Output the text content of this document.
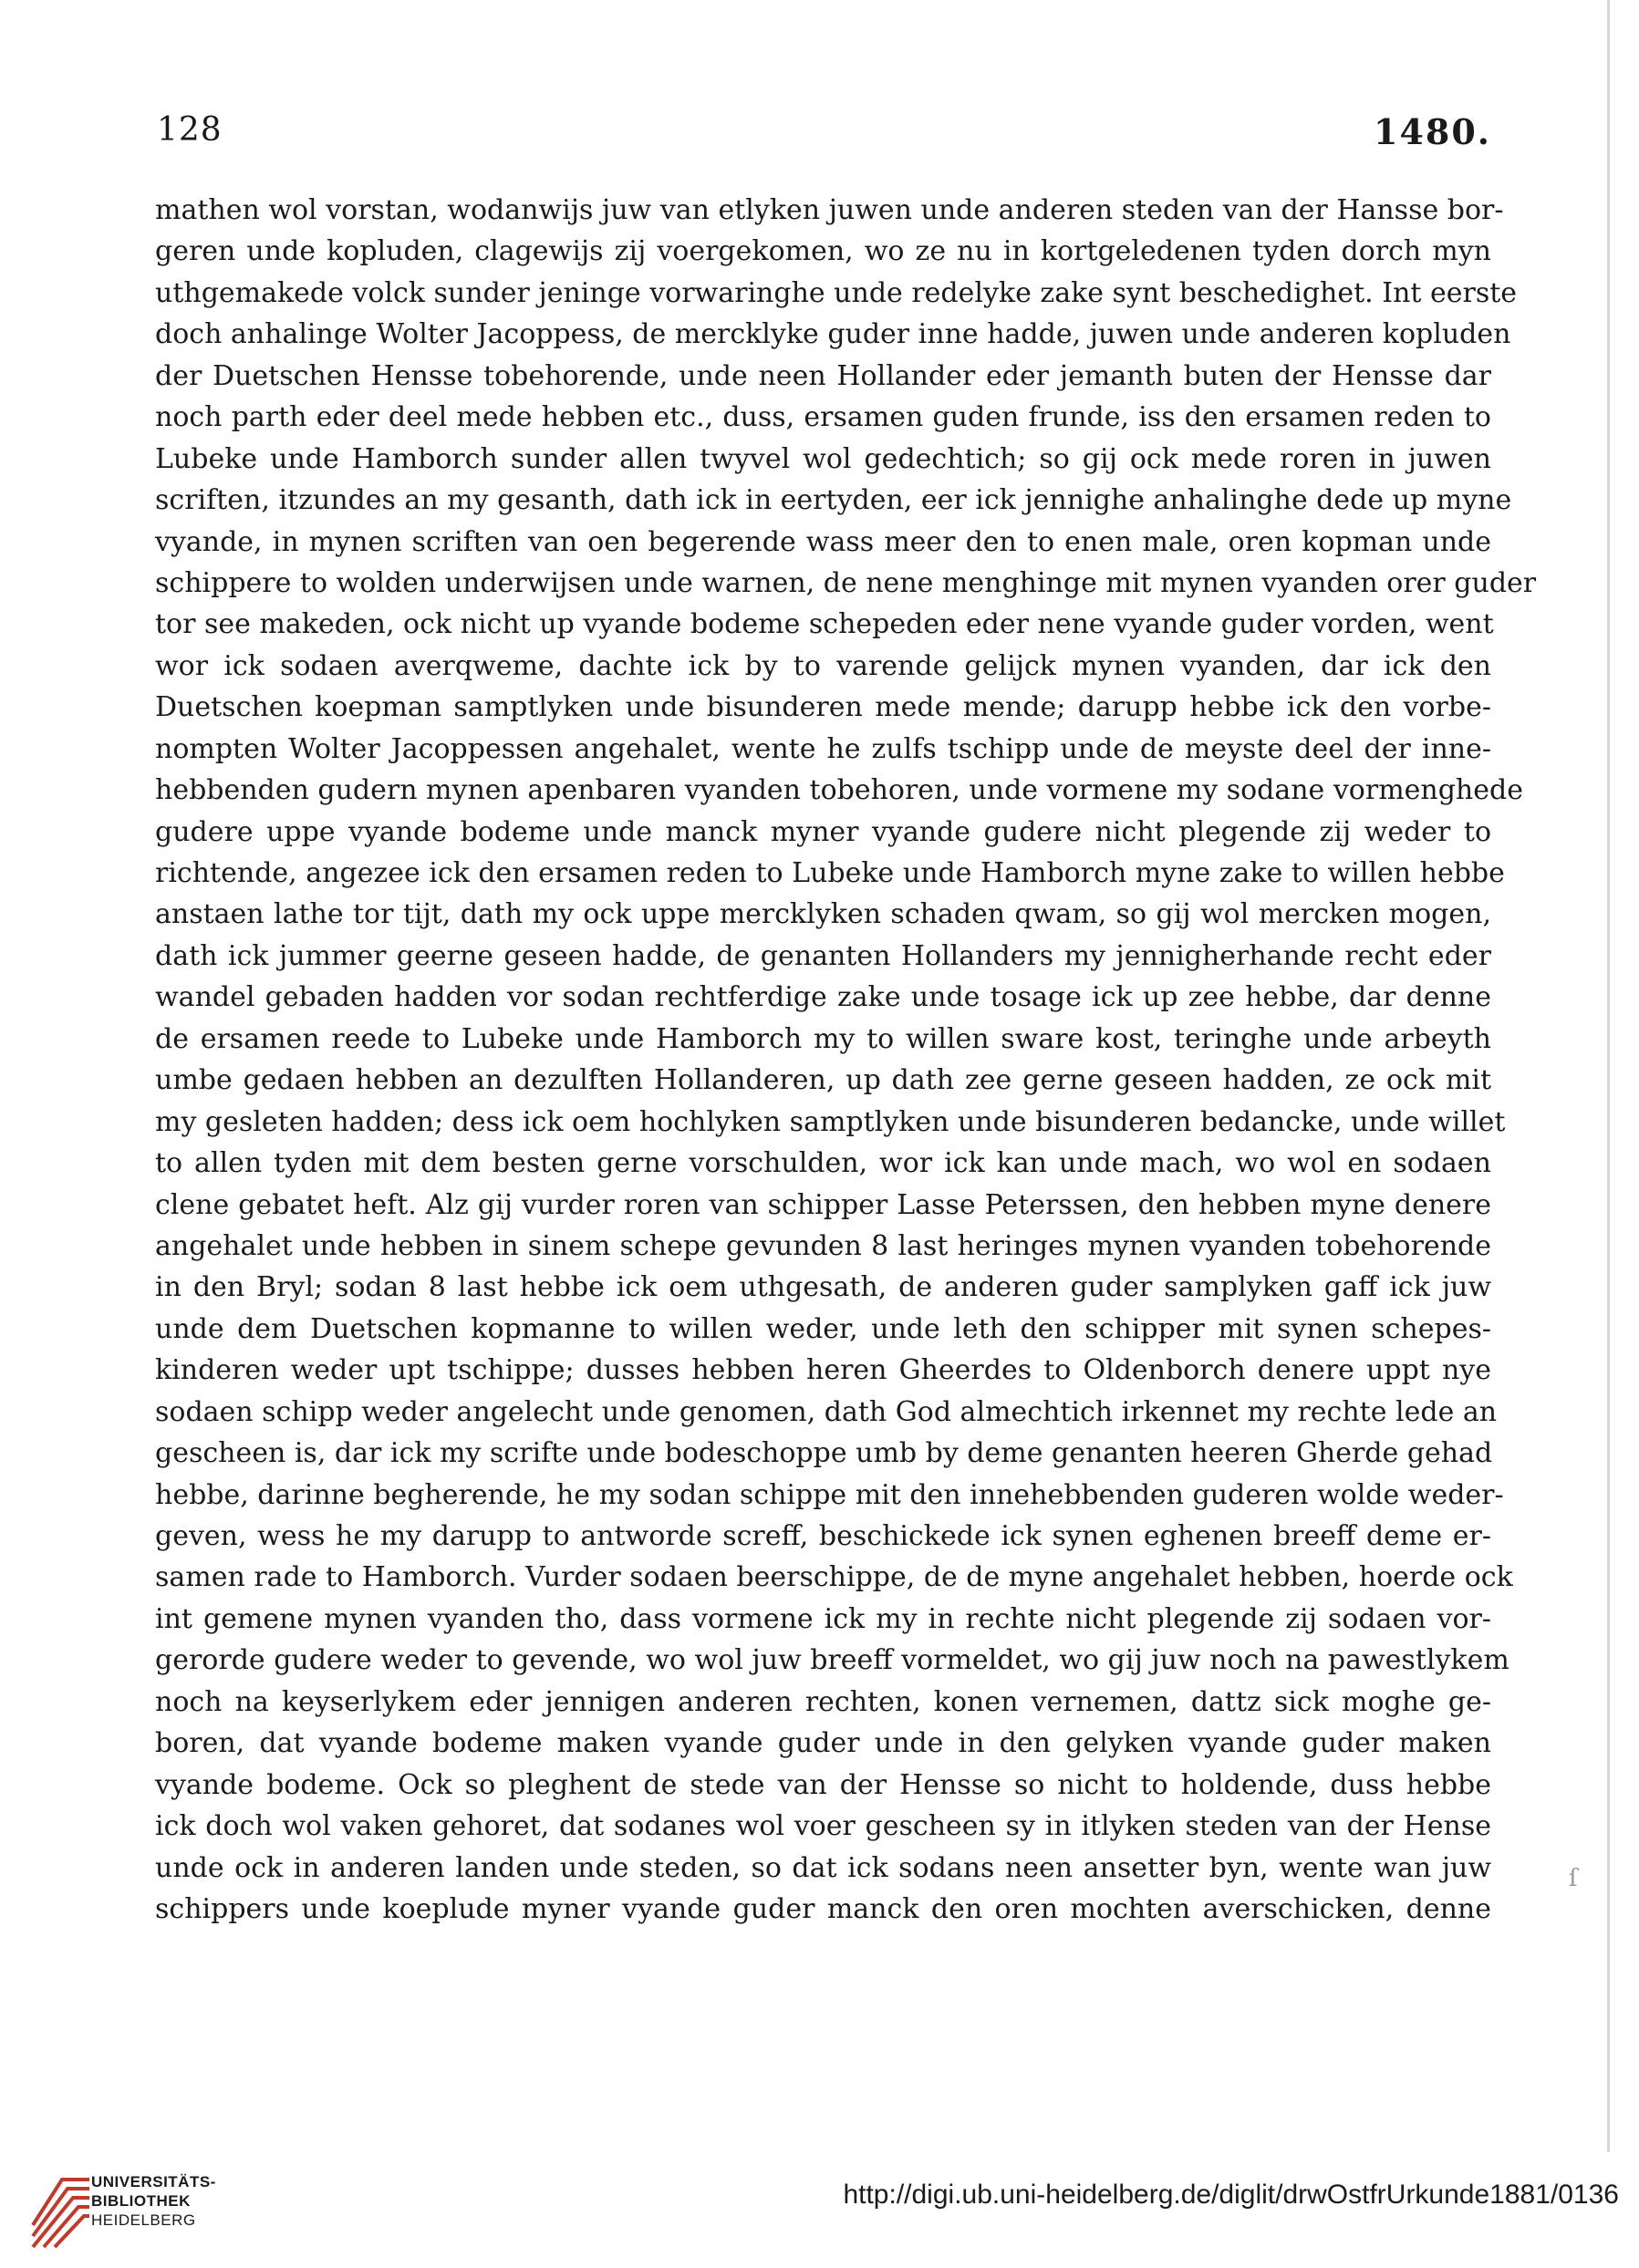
128	1480.
mathen wol vorstan, wodanwijs juw van etlyken juwen unde anderen steden van der Hansse bor-
geren unde kopluden, clagewijs zij voergekomen, wo ze nu in kortgeledenen tyden dorch myn
uthgemakede volck sunder jeninge vorwaringhe unde redelyke zake synt beschedighet. Int eerste
doch anhalinge Wolter Jacoppess, de mercklyke guder inne hadde, juwen unde anderen kopluden
der Duetschen Hensse tobehorende, unde neen Hollander eder jemanth buten der Hensse dar
noch parth eder deel mede hebben etc., duss, ersamen guden frunde, iss den ersamen reden to
Lubeke unde Hamborch sunder allen twyvel wol gedechtich; so gij ock mede roren in juwen
scriften, itzundes an my gesanth, dath ick in eertyden, eer ick jennighe anhalinghe dede up myne
vyande, in mynen scriften van oen begerende wass meer den to enen male, oren kopman unde
schippere to wolden underwijsen unde warnen, de nene menghinge mit mynen vyanden orer guder
tor see makeden, ock nicht up vyande bodeme schepeden eder nene vyande guder vorden, went
wor ick sodaen averqweme, dachte ick by to varende gelijck mynen vyanden, dar ick den
Duetschen koepman samptlyken unde bisunderen mede mende; darupp hebbe ick den vorbe-
nompten Wolter Jacoppessen angehalet, wente he zulfs tschipp unde de meyste deel der inne-
hebbenden gudern mynen apenbaren vyanden tobehoren, unde vormene my sodane vormenghede
gudere uppe vyande bodeme unde manck myner vyande gudere nicht plegende zij weder to
richtende, angezee ick den ersamen reden to Lubeke unde Hamborch myne zake to willen hebbe
anstaen lathe tor tijt, dath my ock uppe mercklyken schaden qwam, so gij wol mercken mogen,
dath ick jummer geerne geseen hadde, de genanten Hollanders my jennigherhande recht eder
wandel gebaden hadden vor sodan rechtferdige zake unde tosage ick up zee hebbe, dar denne
de ersamen reede to Lubeke unde Hamborch my to willen sware kost, teringhe unde arbeyth
umbe gedaen hebben an dezulften Hollanderen, up dath zee gerne geseen hadden, ze ock mit
my gesleten hadden; dess ick oem hochlyken samptlyken unde bisunderen bedancke, unde willet
to allen tyden mit dem besten gerne vorschulden, wor ick kan unde mach, wo wol en sodaen
clene gebatet heft. Alz gij vurder roren van schipper Lasse Peterssen, den hebben myne denere
angehalet unde hebben in sinem schepe gevunden 8 last heringes mynen vyanden tobehorende
in den Bryl; sodan 8 last hebbe ick oem uthgesath, de anderen guder samplyken gaff ick juw
unde dem Duetschen kopmanne to willen weder, unde leth den schipper mit synen schepes-
kinderen weder upt tschippe; dusses hebben heren Gheerdes to Oldenborch denere uppt nye
sodaen schipp weder angelecht unde genomen, dath God almechtich irkennet my rechte lede an
gescheen is, dar ick my scrifte unde bodeschoppe umb by deme genanten heeren Gherde gehad
hebbe, darinne begherende, he my sodan schippe mit den innehebbenden guderen wolde weder-
geven, wess he my darupp to antworde screff, beschickede ick synen eghenen breeff deme er-
samen rade to Hamborch. Vurder sodaen beerschippe, de de myne angehalet hebben, hoerde ock
int gemene mynen vyanden tho, dass vormene ick my in rechte nicht plegende zij sodaen vor-
gerorde gudere weder to gevende, wo wol juw breeff vormeldet, wo gij juw noch na pawestlykem
noch na keyserlykem eder jennigen anderen rechten, konen vernemen, dattz sick moghe ge-
boren, dat vyande bodeme maken vyande guder unde in den gelyken vyande guder maken
vyande bodeme. Ock so pleghent de stede van der Hensse so nicht to holdende, duss hebbe
ick doch wol vaken gehoret, dat sodanes wol voer gescheen sy in itlyken steden van der Hense
unde ock in anderen landen unde steden, so dat ick sodans neen ansetter byn, wente wan juw
schippers unde koeplude myner vyande guder manck den oren mochten averschicken, denne
ſ
UNIVERSITÄTS-
BIBLIOTHEK
HEIDELBERG
http://digi.ub.uni-heidelberg.de/diglit/drwOstfrUrkunde1881/0136
